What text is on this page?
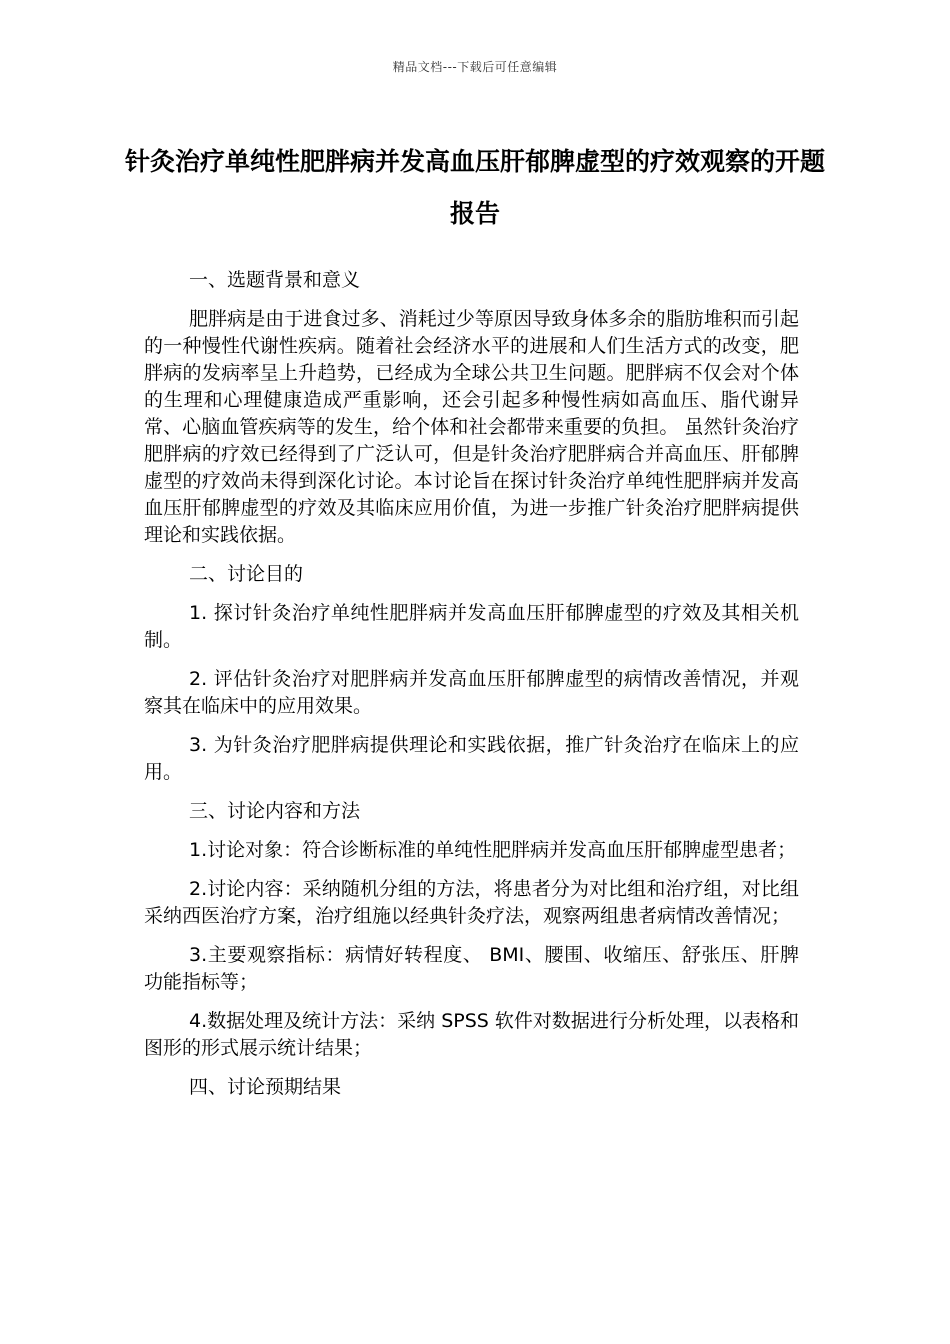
精品文档---下载后可任意编辑
针灸治疗单纯性肥胖病并发高血压肝郁脾虚型的疗效观察的开题报告

一、选题背景和意义

肥胖病是由于进食过多、消耗过少等原因导致身体多余的脂肪堆积而引起的一种慢性代谢性疾病。随着社会经济水平的进展和人们生活方式的改变，肥胖病的发病率呈上升趋势，已经成为全球公共卫生问题。肥胖病不仅会对个体的生理和心理健康造成严重影响，还会引起多种慢性病如高血压、脂代谢异常、心脑血管疾病等的发生，给个体和社会都带来重要的负担。 虽然针灸治疗肥胖病的疗效已经得到了广泛认可，但是针灸治疗肥胖病合并高血压、肝郁脾虚型的疗效尚未得到深化讨论。本讨论旨在探讨针灸治疗单纯性肥胖病并发高血压肝郁脾虚型的疗效及其临床应用价值，为进一步推广针灸治疗肥胖病提供理论和实践依据。

二、讨论目的

1. 探讨针灸治疗单纯性肥胖病并发高血压肝郁脾虚型的疗效及其相关机制。

2. 评估针灸治疗对肥胖病并发高血压肝郁脾虚型的病情改善情况，并观察其在临床中的应用效果。

3. 为针灸治疗肥胖病提供理论和实践依据，推广针灸治疗在临床上的应用。

三、讨论内容和方法

1.讨论对象：符合诊断标准的单纯性肥胖病并发高血压肝郁脾虚型患者；

2.讨论内容：采纳随机分组的方法，将患者分为对比组和治疗组，对比组采纳西医治疗方案，治疗组施以经典针灸疗法，观察两组患者病情改善情况；

3.主要观察指标：病情好转程度、 BMI、腰围、收缩压、舒张压、肝脾功能指标等；

4.数据处理及统计方法：采纳 SPSS 软件对数据进行分析处理，以表格和图形的形式展示统计结果；

四、讨论预期结果
